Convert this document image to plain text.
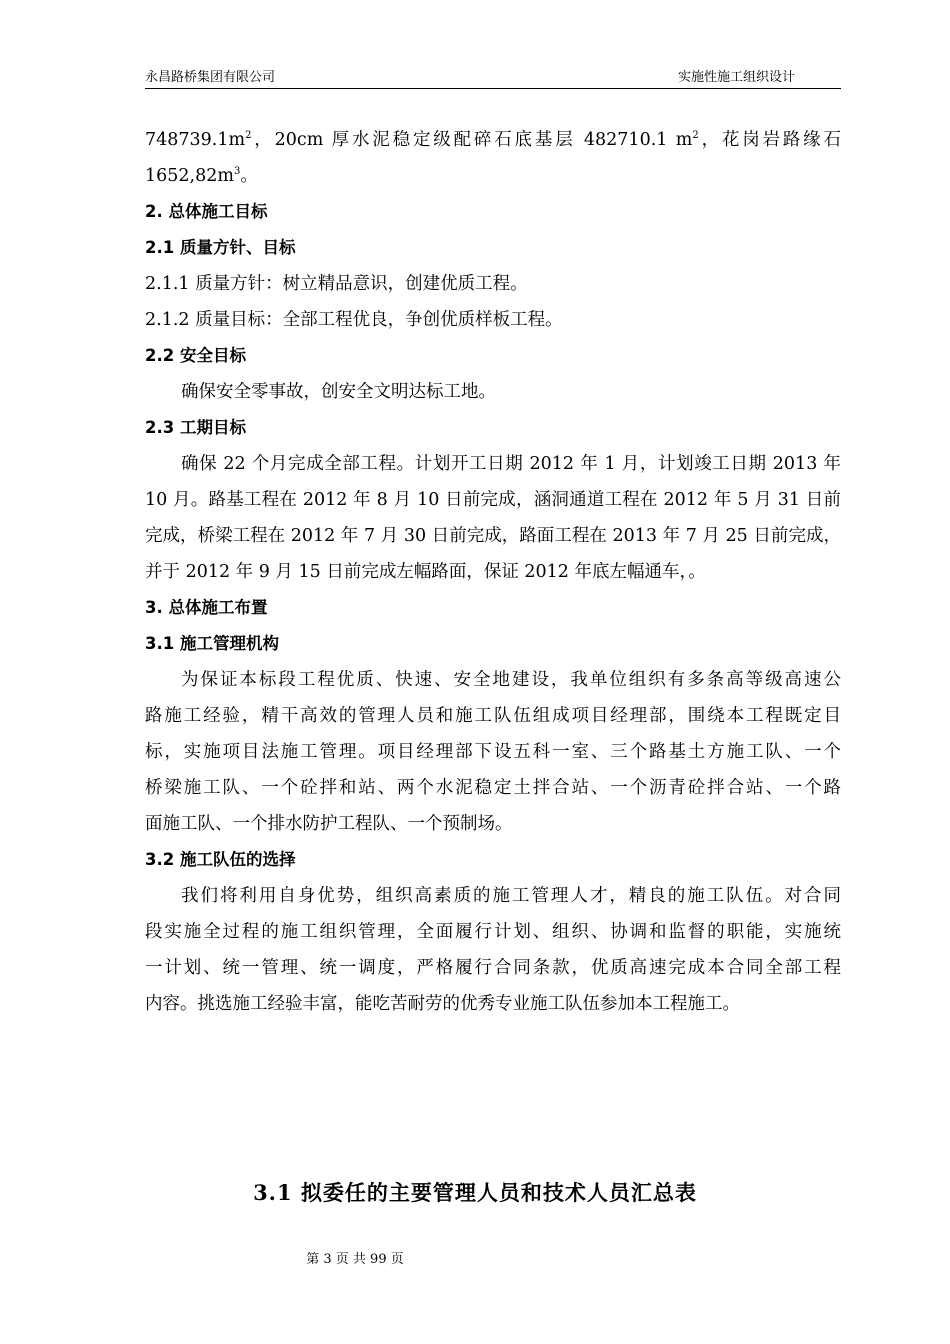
永昌路桥集团有限公司	实施性施工组织设计
$748739.1m^2$，20cm 厚水泥稳定级配碎石底基层 482710.1 $m^2$，花岗岩路缘石
$1652,82m^3$。
2. 总体施工目标
2.1 质量方针、目标
2.1.1 质量方针：树立精品意识，创建优质工程。
2.1.2 质量目标：全部工程优良，争创优质样板工程。
2.2 安全目标
确保安全零事故，创安全文明达标工地。
2.3 工期目标
确保 22 个月完成全部工程。计划开工日期 2012 年 1 月，计划竣工日期 2013 年
10 月。路基工程在 2012 年 8 月 10 日前完成，涵洞通道工程在 2012 年 5 月 31 日前
完成，桥梁工程在 2012 年 7 月 30 日前完成，路面工程在 2013 年 7 月 25 日前完成，
并于 2012 年 9 月 15 日前完成左幅路面，保证 2012 年底左幅通车，。
3. 总体施工布置
3.1 施工管理机构
为保证本标段工程优质、快速、安全地建设，我单位组织有多条高等级高速公
路施工经验，精干高效的管理人员和施工队伍组成项目经理部，围绕本工程既定目
标，实施项目法施工管理。项目经理部下设五科一室、三个路基土方施工队、一个
桥梁施工队、一个砼拌和站、两个水泥稳定土拌合站、一个沥青砼拌合站、一个路
面施工队、一个排水防护工程队、一个预制场。
3.2 施工队伍的选择
我们将利用自身优势，组织高素质的施工管理人才，精良的施工队伍。对合同
段实施全过程的施工组织管理，全面履行计划、组织、协调和监督的职能，实施统
一计划、统一管理、统一调度，严格履行合同条款，优质高速完成本合同全部工程
内容。挑选施工经验丰富，能吃苦耐劳的优秀专业施工队伍参加本工程施工。
3.1 拟委任的主要管理人员和技术人员汇总表
第 3 页 共 99 页
